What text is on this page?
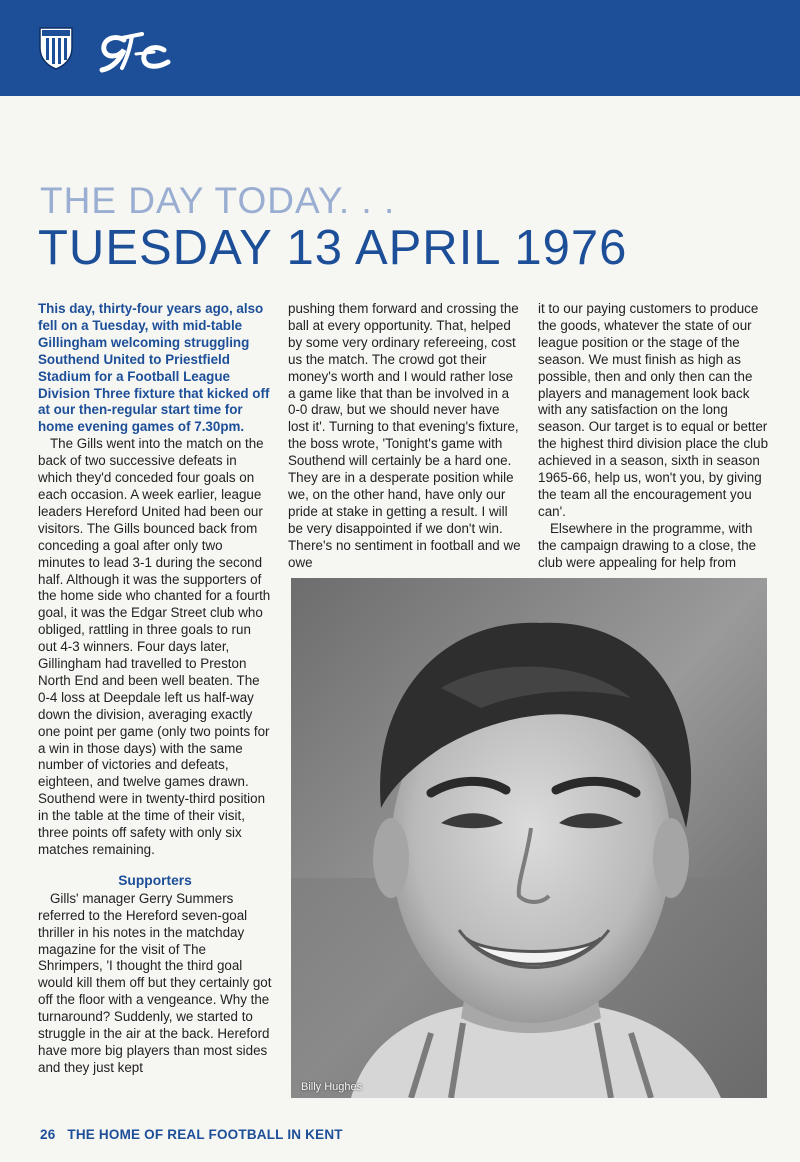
THE DAY TODAY. . .
TUESDAY 13 APRIL 1976

This day, thirty-four years ago, also fell on a Tuesday, with mid-table Gillingham welcoming struggling Southend United to Priestfield Stadium for a Football League Division Three fixture that kicked off at our then-regular start time for home evening games of 7.30pm.

The Gills went into the match on the back of two successive defeats in which they'd conceded four goals on each occasion. A week earlier, league leaders Hereford United had been our visitors. The Gills bounced back from conceding a goal after only two minutes to lead 3-1 during the second half. Although it was the supporters of the home side who chanted for a fourth goal, it was the Edgar Street club who obliged, rattling in three goals to run out 4-3 winners. Four days later, Gillingham had travelled to Preston North End and been well beaten. The 0-4 loss at Deepdale left us half-way down the division, averaging exactly one point per game (only two points for a win in those days) with the same number of victories and defeats, eighteen, and twelve games drawn. Southend were in twenty-third position in the table at the time of their visit, three points off safety with only six matches remaining.

Supporters

Gills' manager Gerry Summers referred to the Hereford seven-goal thriller in his notes in the matchday magazine for the visit of The Shrimpers, 'I thought the third goal would kill them off but they certainly got off the floor with a vengeance. Why the turnaround? Suddenly, we started to struggle in the air at the back. Hereford have more big players than most sides and they just kept

pushing them forward and crossing the ball at every opportunity. That, helped by some very ordinary refereeing, cost us the match. The crowd got their money's worth and I would rather lose a game like that than be involved in a 0-0 draw, but we should never have lost it'. Turning to that evening's fixture, the boss wrote, 'Tonight's game with Southend will certainly be a hard one. They are in a desperate position while we, on the other hand, have only our pride at stake in getting a result. I will be very disappointed if we don't win. There's no sentiment in football and we owe

it to our paying customers to produce the goods, whatever the state of our league position or the stage of the season. We must finish as high as possible, then and only then can the players and management look back with any satisfaction on the long season. Our target is to equal or better the highest third division place the club achieved in a season, sixth in season 1965-66, help us, won't you, by giving the team all the encouragement you can'.

Elsewhere in the programme, with the campaign drawing to a close, the club were appealing for help from

Billy Hughes
26 THE HOME OF REAL FOOTBALL IN KENT
